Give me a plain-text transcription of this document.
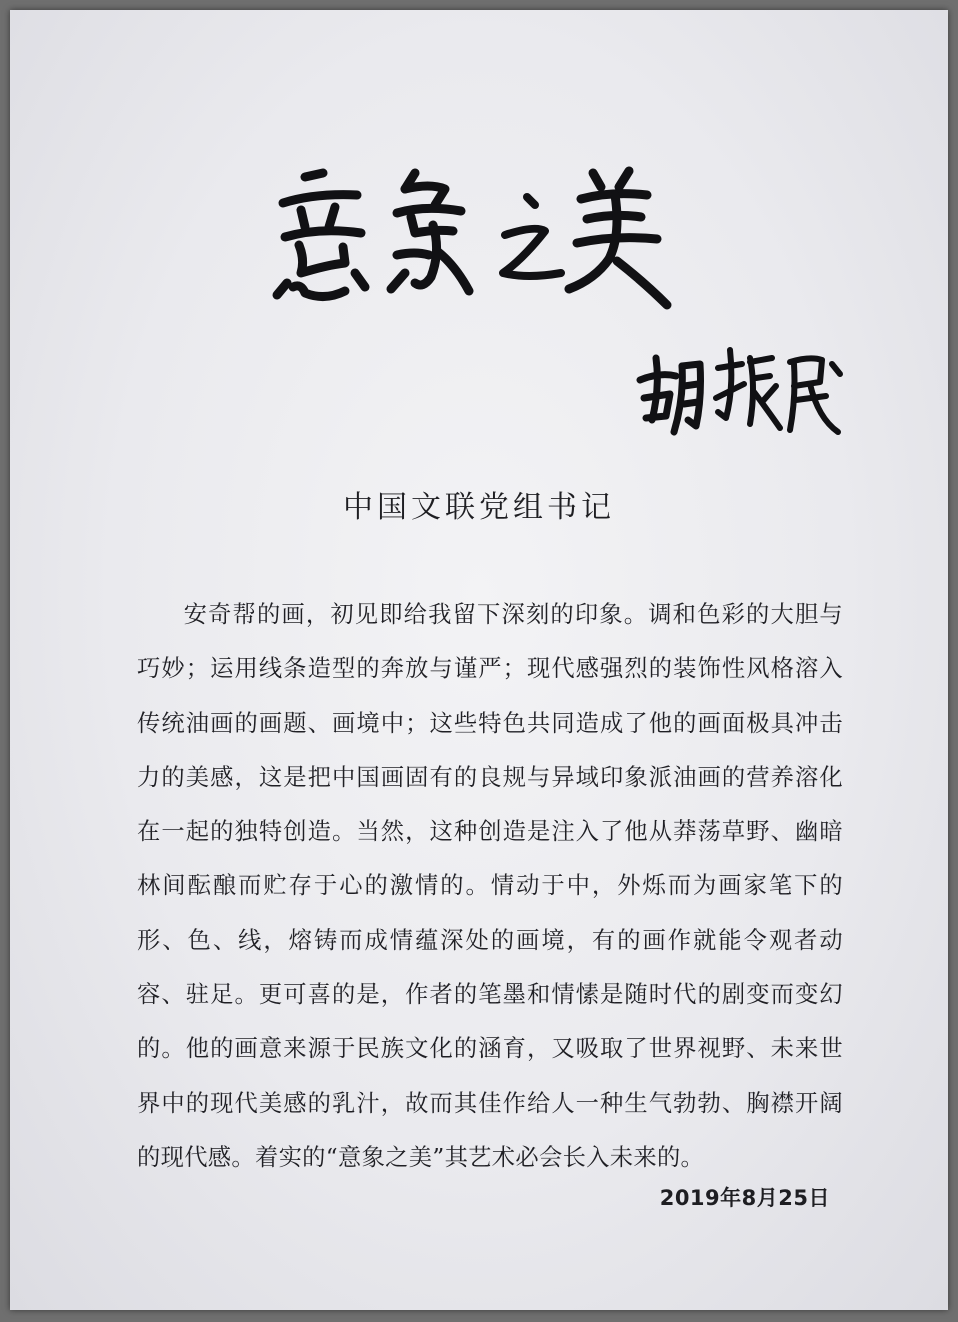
中国文联党组书记

安奇帮的画，初见即给我留下深刻的印象。调和色彩的大胆与巧妙；运用线条造型的奔放与谨严；现代感强烈的装饰性风格溶入传统油画的画题、画境中；这些特色共同造成了他的画面极具冲击力的美感，这是把中国画固有的良规与异域印象派油画的营养溶化在一起的独特创造。当然，这种创造是注入了他从莽荡草野、幽暗林间酝酿而贮存于心的激情的。情动于中，外烁而为画家笔下的形、色、线，熔铸而成情蕴深处的画境，有的画作就能令观者动容、驻足。更可喜的是，作者的笔墨和情愫是随时代的剧变而变幻的。他的画意来源于民族文化的涵育，又吸取了世界视野、未来世界中的现代美感的乳汁，故而其佳作给人一种生气勃勃、胸襟开阔的现代感。着实的“意象之美”其艺术必会长入未来的。

2019年8月25日
